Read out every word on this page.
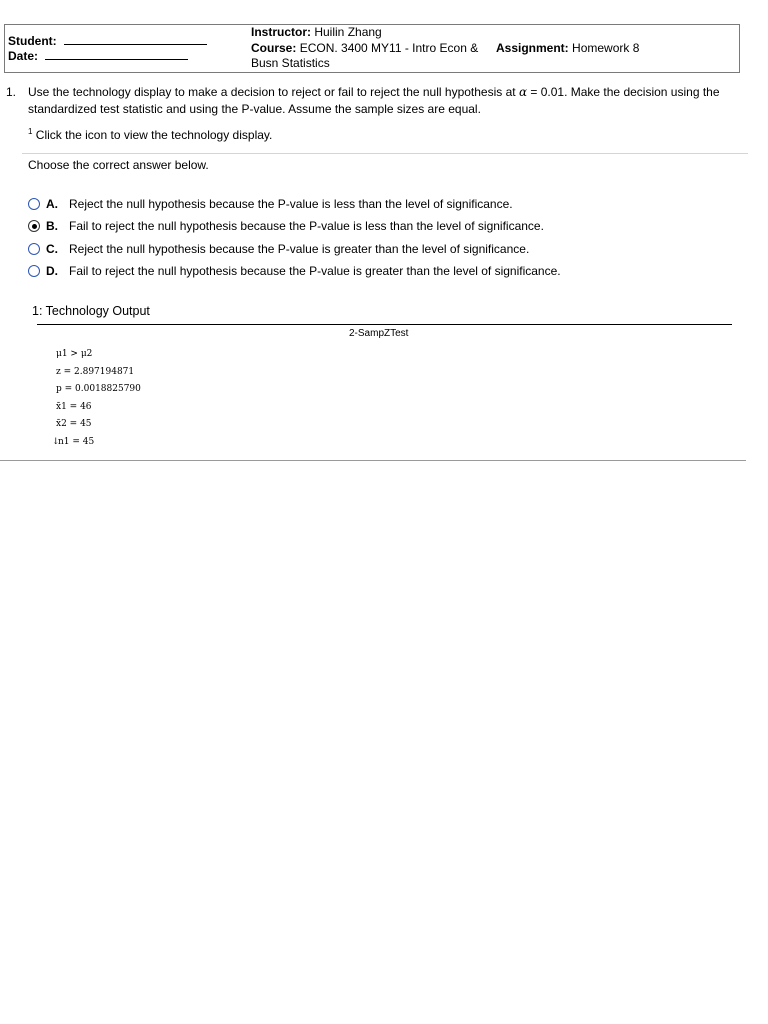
Student:
Date:
Instructor: Huilin Zhang
Course: ECON. 3400 MY11 - Intro Econ &
Busn Statistics
Assignment: Homework 8
1. Use the technology display to make a decision to reject or fail to reject the null hypothesis at α = 0.01. Make the decision using the standardized test statistic and using the P-value. Assume the sample sizes are equal.
$^1$ Click the icon to view the technology display.
Choose the correct answer below.
A. Reject the null hypothesis because the P-value is less than the level of significance.
B. Fail to reject the null hypothesis because the P-value is less than the level of significance.
C. Reject the null hypothesis because the P-value is greater than the level of significance.
D. Fail to reject the null hypothesis because the P-value is greater than the level of significance.
1: Technology Output
2-SampZTest
μ1 > μ2
z = 2.897194871
p = 0.0018825790
x̄1 = 46
x̄2 = 45
↓n1 = 45
